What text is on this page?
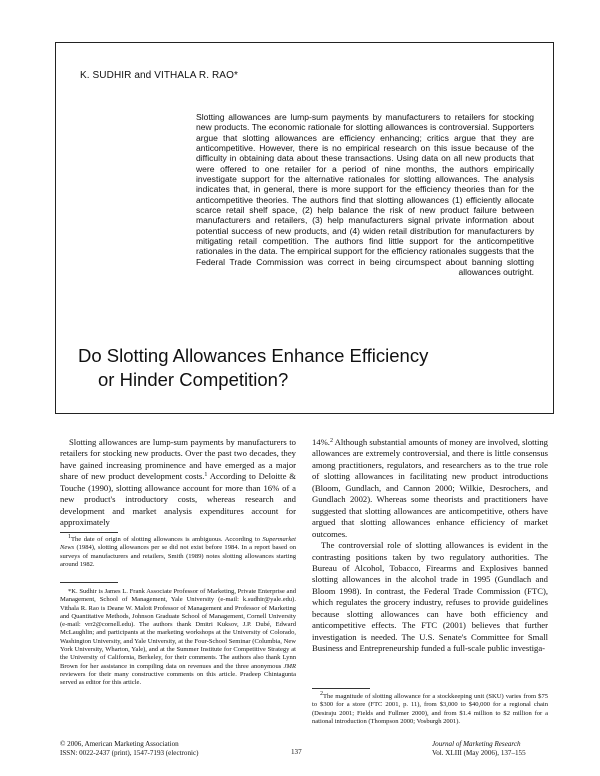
K. SUDHIR and VITHALA R. RAO*

Slotting allowances are lump-sum payments by manufacturers to retailers for stocking new products. The economic rationale for slotting allowances is controversial. Supporters argue that slotting allowances are efficiency enhancing; critics argue that they are anticompetitive. However, there is no empirical research on this issue because of the difficulty in obtaining data about these transactions. Using data on all new products that were offered to one retailer for a period of nine months, the authors empirically investigate support for the alternative rationales for slotting allowances. The analysis indicates that, in general, there is more support for the efficiency theories than for the anticompetitive theories. The authors find that slotting allowances (1) efficiently allocate scarce retail shelf space, (2) help balance the risk of new product failure between manufacturers and retailers, (3) help manufacturers signal private information about potential success of new products, and (4) widen retail distribution for manufacturers by mitigating retail competition. The authors find little support for the anticompetitive rationales in the data. The empirical support for the efficiency rationales suggests that the Federal Trade Commission was correct in being circumspect about banning slotting allowances outright.

Do Slotting Allowances Enhance Efficiency
or Hinder Competition?

Slotting allowances are lump-sum payments by manufacturers to retailers for stocking new products. Over the past two decades, they have gained increasing prominence and have emerged as a major share of new product development costs.$^1$ According to Deloitte & Touche (1990), slotting allowance account for more than 16% of a new product's introductory costs, whereas research and development and market analysis expenditures account for approximately

$^1$The date of origin of slotting allowances is ambiguous. According to Supermarket News (1984), slotting allowances per se did not exist before 1984. In a report based on surveys of manufacturers and retailers, Smith (1989) notes slotting allowances starting around 1982.

*K. Sudhir is James L. Frank Associate Professor of Marketing, Private Enterprise and Management, School of Management, Yale University (e-mail: k.sudhir@yale.edu). Vithala R. Rao is Deane W. Malott Professor of Management and Professor of Marketing and Quantitative Methods, Johnson Graduate School of Management, Cornell University (e-mail: vrr2@cornell.edu). The authors thank Dmitri Kuksov, J.P. Dubé, Edward McLaughlin; and participants at the marketing workshops at the University of Colorado, Washington University, and Yale University, at the Four-School Seminar (Columbia, New York University, Wharton, Yale), and at the Summer Institute for Competitive Strategy at the University of California, Berkeley, for their comments. The authors also thank Lynn Brown for her assistance in compiling data on revenues and the three anonymous JMR reviewers for their many constructive comments on this article. Pradeep Chintagunta served as editor for this article.

14%.$^2$ Although substantial amounts of money are involved, slotting allowances are extremely controversial, and there is little consensus among practitioners, regulators, and researchers as to the true role of slotting allowances in facilitating new product introductions (Bloom, Gundlach, and Cannon 2000; Wilkie, Desrochers, and Gundlach 2002). Whereas some theorists and practitioners have suggested that slotting allowances are anticompetitive, others have argued that slotting allowances enhance efficiency of market outcomes.

The controversial role of slotting allowances is evident in the contrasting positions taken by two regulatory authorities. The Bureau of Alcohol, Tobacco, Firearms and Explosives banned slotting allowances in the alcohol trade in 1995 (Gundlach and Bloom 1998). In contrast, the Federal Trade Commission (FTC), which regulates the grocery industry, refuses to provide guidelines because slotting allowances can have both efficiency and anticompetitive effects. The FTC (2001) believes that further investigation is needed. The U.S. Senate's Committee for Small Business and Entrepreneurship funded a full-scale public investiga-

$^2$The magnitude of slotting allowance for a stockkeeping unit (SKU) varies from $75 to $300 for a store (FTC 2001, p. 11), from $3,000 to $40,000 for a regional chain (Desiraju 2001; Fields and Fullmer 2000), and from $1.4 million to $2 million for a national introduction (Thompson 2000; Vosburgh 2001).

© 2006, American Marketing Association
ISSN: 0022-2437 (print), 1547-7193 (electronic)	137
Journal of Marketing Research
Vol. XLIII (May 2006), 137–155
